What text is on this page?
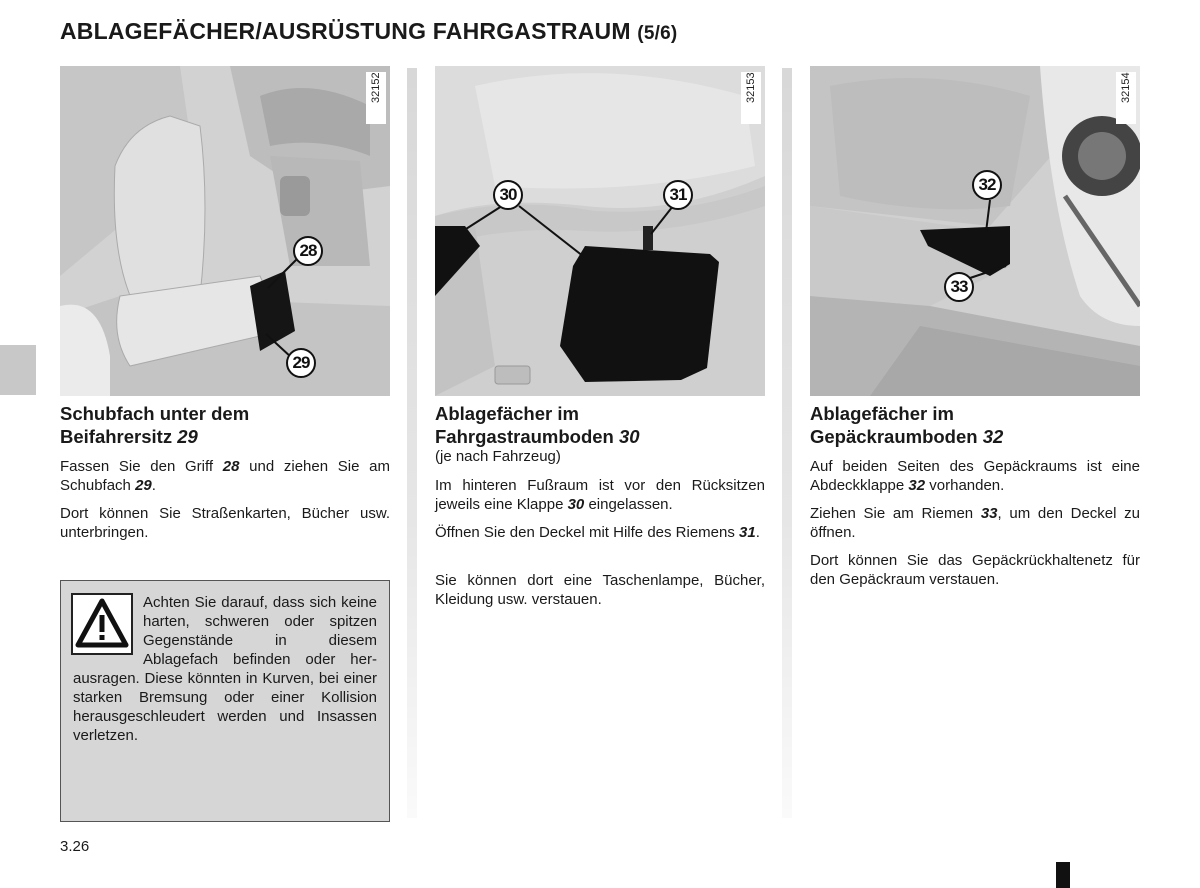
ABLAGEFÄCHER/AUSRÜSTUNG FAHRGASTRAUM (5/6)
32152
28
29
32153
30	31
32154
32
33
Schubfach unter dem
Beifahrersitz 29

Fassen Sie den Griff 28 und ziehen Sie am Schubfach 29.

Dort können Sie Straßenkarten, Bücher usw. unterbringen.

Achten Sie darauf, dass sich keine harten, schweren oder spitzen Gegenstände in diesem Ablagefach befinden oder herausragen. Diese könnten in Kurven, bei einer starken Bremsung oder einer Kollision herausgeschleudert werden und Insassen verletzen.

Ablagefächer im
Fahrgastraumboden 30
(je nach Fahrzeug)

Im hinteren Fußraum ist vor den Rücksitzen jeweils eine Klappe 30 eingelassen.

Öffnen Sie den Deckel mit Hilfe des Riemens 31.

Sie können dort eine Taschenlampe, Bücher, Kleidung usw. verstauen.

Ablagefächer im
Gepäckraumboden 32

Auf beiden Seiten des Gepäckraums ist eine Abdeckklappe 32 vorhanden.

Ziehen Sie am Riemen 33, um den Deckel zu öffnen.

Dort können Sie das Gepäckrückhaltenetz für den Gepäckraum verstauen.

3.26
